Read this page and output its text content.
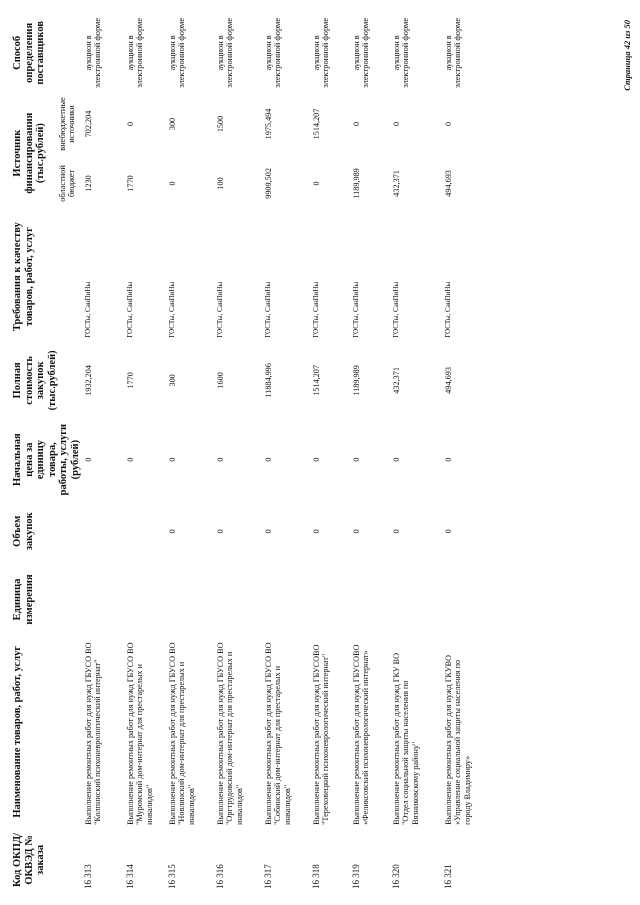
Код ОКПД/ ОКВЭД № заказа	Наименование товаров, работ, услуг	Единица измерения	Объем закупок	Начальная цена за единицу товара, работы, услуги (рублей)	Полная стоимость закупок (тыс.рублей)	Требования к качеству товаров, работ, услуг	Источник финансирования (тыс.рублей)		Способ определения поставщиков
							областной бюджет	внебюджетные источники	
16 313	Выполнение ремонтных работ для нужд ГБУСО ВО "Колпинский психоневрологический интернат"			0	1932,204	ГОСТы, СанПиНы	1230	702,204	аукцион в электронной форме
16 314	Выполнение ремонтных работ для нужд ГБУСО ВО "Муромский дом-интернат для престарелых и инвалидов"			0	1770	ГОСТы, СанПиНы	1770	0	аукцион в электронной форме
16 315	Выполнение ремонтных работ для нужд ГБУСО ВО "Новлинский дом-интернат для престарелых и инвалидов"		0	0	300	ГОСТы, СанПиНы	0	300	аукцион в электронной форме
16 316	Выполнение ремонтных работ для нужд ГБУСО ВО "Оргтрудовский дом-интернат для престарелых и инвалидов"		0	0	1600	ГОСТы, СанПиНы	100	1500	аукцион в электронной форме
16 317	Выполнение ремонтных работ для нужд ГБУСО ВО "Собинский дом-интернат для престарелых и инвалидов"		0	0	11884,996	ГОСТы, СанПиНы	9909,502	1975,494	аукцион в электронной форме
16 318	Выполнение ремонтных работ для нужд ГБУСОВО "Тереховецкий психоневрологический интернат"		0	0	1514,207	ГОСТы, СанПиНы	0	1514,207	аукцион в электронной форме
16 319	Выполнение ремонтных работ для нужд ГБУСОВО «Феликсовский психоневрологический интернат»		0	0	1189,989	ГОСТы, СанПиНы	1189,989	0	аукцион в электронной форме
16 320	Выполнение ремонтных работ для нужд ГКУ ВО "Отдел социальной защиты населения по Вязниковскому району"		0	0	432,371	ГОСТы, СанПиНы	432,371	0	аукцион в электронной форме
16 321	Выполнение ремонтных работ для нужд ГКУВО «Управление социальной защиты населения по городу Владимиру»		0	0	494,693	ГОСТы, СанПиНы	494,693	0	аукцион в электронной форме	Страница 42 из 50
